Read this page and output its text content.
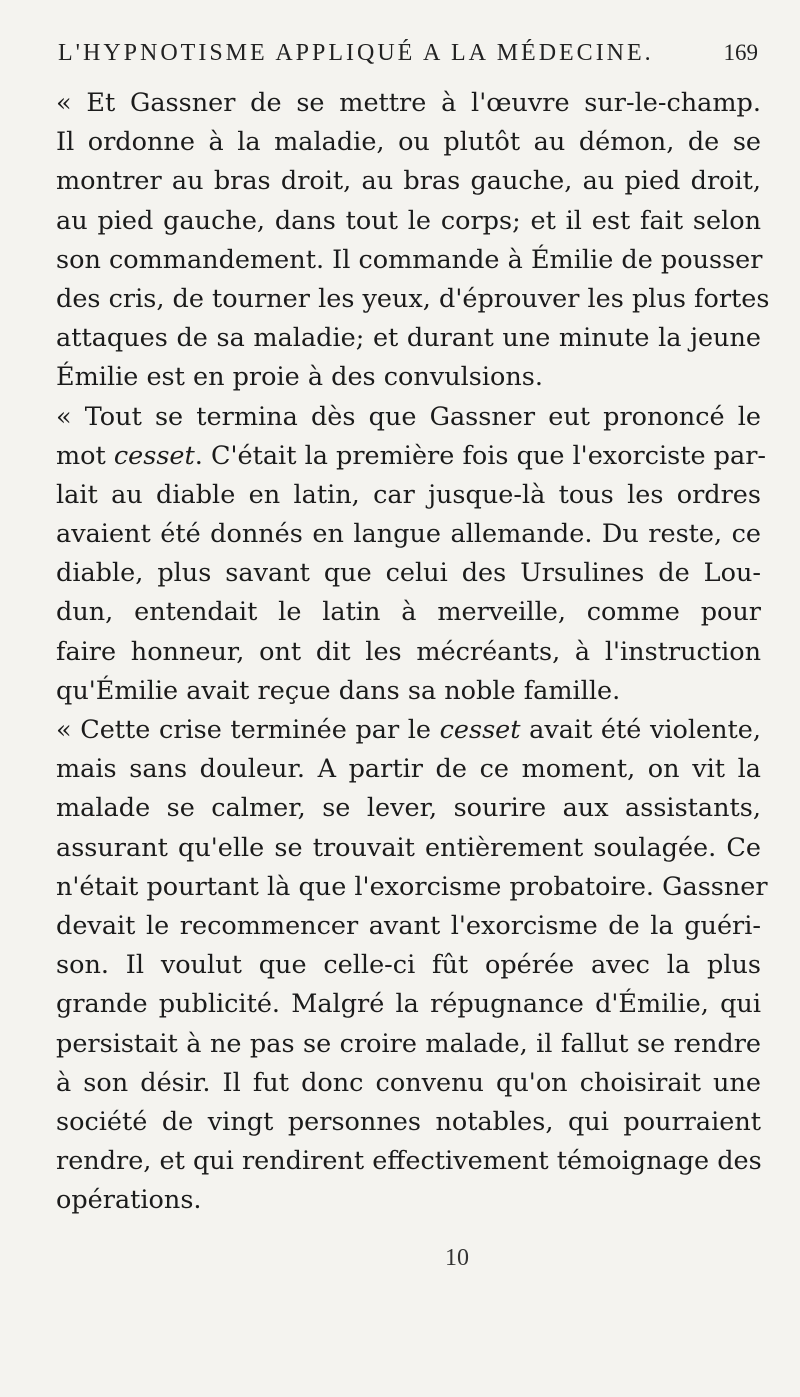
L'HYPNOTISME APPLIQUÉ A LA MÉDECINE.	169
« Et Gassner de se mettre à l'œuvre sur-le-champ.
Il ordonne à la maladie, ou plutôt au démon, de se
montrer au bras droit, au bras gauche, au pied droit,
au pied gauche, dans tout le corps; et il est fait selon
son commandement. Il commande à Émilie de pousser
des cris, de tourner les yeux, d'éprouver les plus fortes
attaques de sa maladie; et durant une minute la jeune
Émilie est en proie à des convulsions.
« Tout se termina dès que Gassner eut prononcé le
mot cesset. C'était la première fois que l'exorciste par-
lait au diable en latin, car jusque-là tous les ordres
avaient été donnés en langue allemande. Du reste, ce
diable, plus savant que celui des Ursulines de Lou-
dun, entendait le latin à merveille, comme pour
faire honneur, ont dit les mécréants, à l'instruction
qu'Émilie avait reçue dans sa noble famille.
« Cette crise terminée par le cesset avait été violente,
mais sans douleur. A partir de ce moment, on vit la
malade se calmer, se lever, sourire aux assistants,
assurant qu'elle se trouvait entièrement soulagée. Ce
n'était pourtant là que l'exorcisme probatoire. Gassner
devait le recommencer avant l'exorcisme de la guéri-
son. Il voulut que celle-ci fût opérée avec la plus
grande publicité. Malgré la répugnance d'Émilie, qui
persistait à ne pas se croire malade, il fallut se rendre
à son désir. Il fut donc convenu qu'on choisirait une
société de vingt personnes notables, qui pourraient
rendre, et qui rendirent effectivement témoignage des
opérations.
10
